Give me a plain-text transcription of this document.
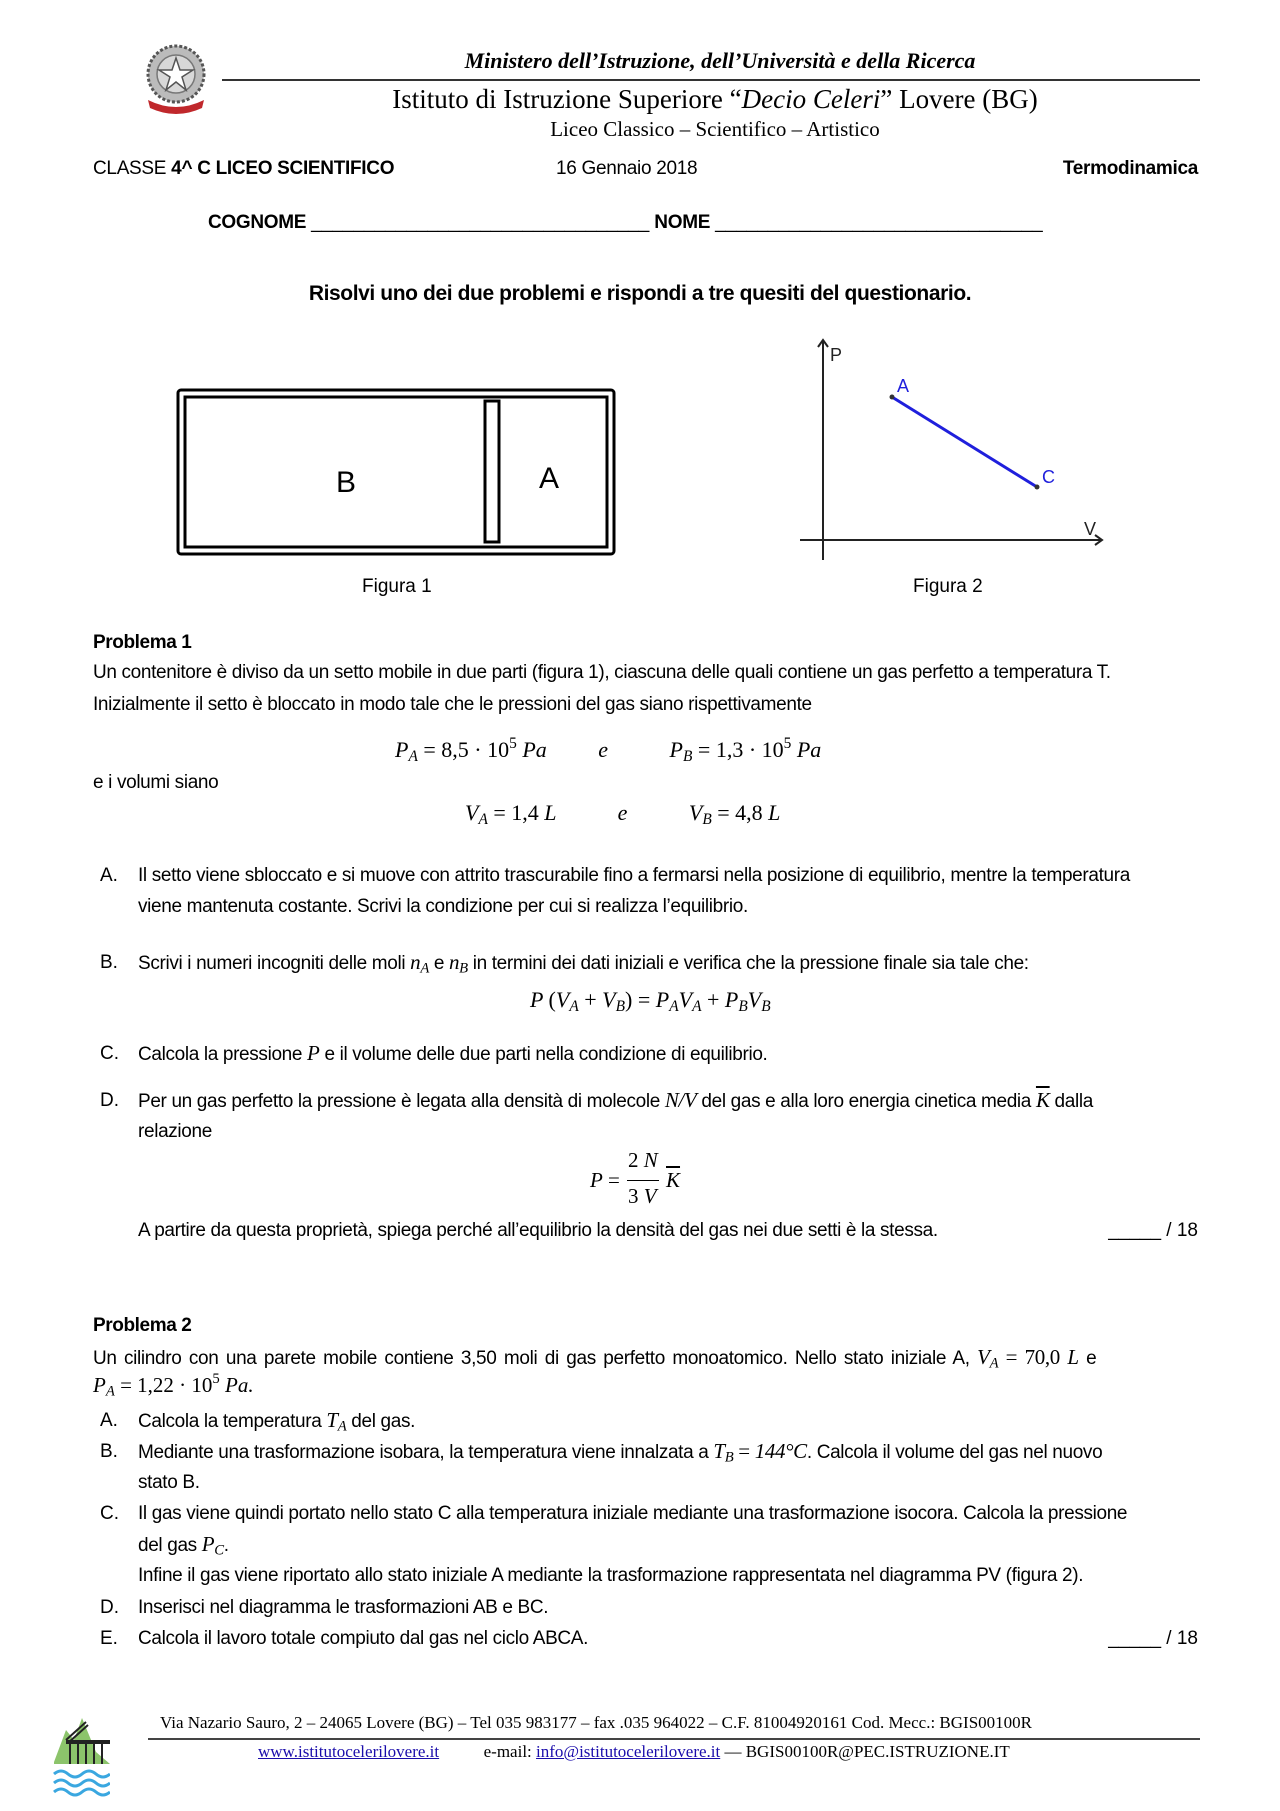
Ministero dell’Istruzione, dell’Università e della Ricerca
Istituto di Istruzione Superiore “Decio Celeri” Lovere (BG)
Liceo Classico – Scientifico – Artistico
CLASSE 4^ C LICEO SCIENTIFICO	16 Gennaio 2018	Termodinamica
COGNOME ________________________________ NOME _______________________________
Risolvi uno dei due problemi e rispondi a tre quesiti del questionario.
B	A
Figura 1
P
V
A
C
Figura 2
Problema 1
Un contenitore è diviso da un setto mobile in due parti (figura 1), ciascuna delle quali contiene un gas perfetto a temperatura T.
Inizialmente il setto è bloccato in modo tale che le pressioni del gas siano rispettivamente
$P_A = 8,5 \cdot 10^5$ Pa e	$P_B = 1,3 \cdot 10^5$ Pa
e i volumi siano
$V_A = 1,4$ L	e	$V_B = 4,8$ L
A. Il setto viene sbloccato e si muove con attrito trascurabile fino a fermarsi nella posizione di equilibrio, mentre la temperatura
viene mantenuta costante. Scrivi la condizione per cui si realizza l’equilibrio.
B. Scrivi i numeri incogniti delle moli $n_A$ e $n_B$ in termini dei dati iniziali e verifica che la pressione finale sia tale che:
P $(V_A + V_B) = P_AV_A + P_BV_B$
C. Calcola la pressione P e il volume delle due parti nella condizione di equilibrio.
D. Per un gas perfetto la pressione è legata alla densità di molecole N/V del gas e alla loro energia cinetica media $\overline{K}$ dalla
relazione
P =
2 N
3 V
$\overline{K}$
A partire da questa proprietà, spiega perché all’equilibrio la densità del gas nei due setti è la stessa.	_____ / 18
Problema 2
Un cilindro con una parete mobile contiene 3,50 moli di gas perfetto monoatomico. Nello stato iniziale A, $V_A = 70,0$ L e
$P_A = 1,22 \cdot 10^5$ Pa.
A. Calcola la temperatura $T_A$ del gas.
B. Mediante una trasformazione isobara, la temperatura viene innalzata a $T_B = 144^\circ C$. Calcola il volume del gas nel nuovo
stato B.
C. Il gas viene quindi portato nello stato C alla temperatura iniziale mediante una trasformazione isocora. Calcola la pressione
del gas $P_C$.
Infine il gas viene riportato allo stato iniziale A mediante la trasformazione rappresentata nel diagramma PV (figura 2).
D. Inserisci nel diagramma le trasformazioni AB e BC.
E. Calcola il lavoro totale compiuto dal gas nel ciclo ABCA.	_____ / 18
Via Nazario Sauro, 2 – 24065 Lovere (BG) – Tel 035 983177 – fax .035 964022 – C.F. 81004920161 Cod. Mecc.: BGIS00100R
www.istitutocelerilovere.it	e-mail: info@istitutocelerilovere.it — BGIS00100R@PEC.ISTRUZIONE.IT
